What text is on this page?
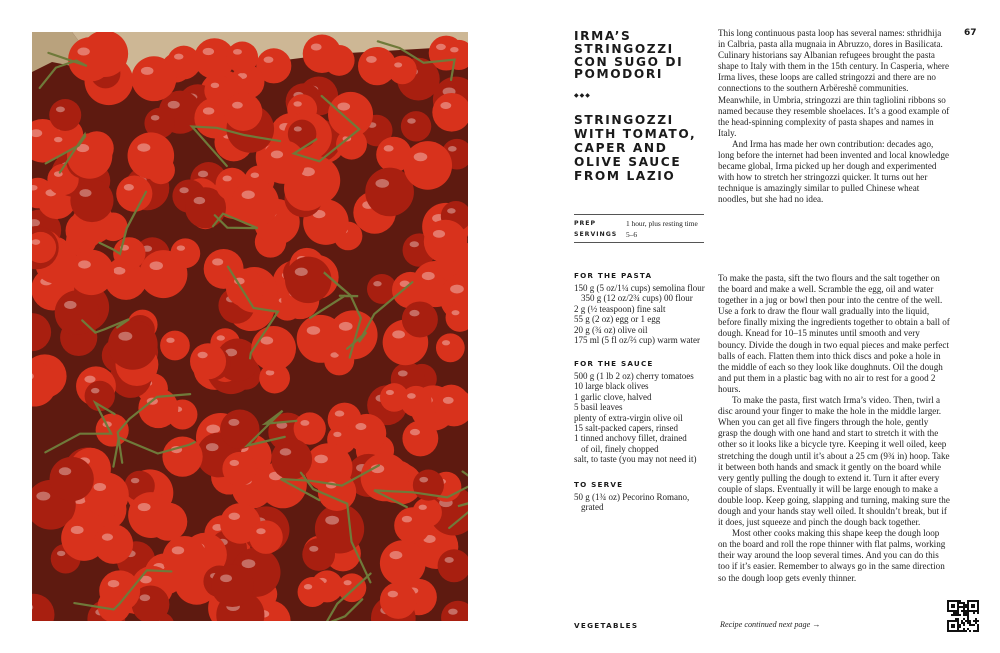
IRMA’S STRINGOZZI CON SUGO DI POMODORI
◆◆◆
STRINGOZZI WITH TOMATO, CAPER AND OLIVE SAUCE FROM LAZIO
PREP	1 hour, plus resting time
SERVINGS	5–6
FOR THE PASTA
150 g (5 oz/1¼ cups) semolina flour
350 g (12 oz/2¾ cups) 00 flour
2 g (½ teaspoon) fine salt
55 g (2 oz) egg or 1 egg
20 g (¾ oz) olive oil
175 ml (5 fl oz/⅔ cup) warm water
FOR THE SAUCE
500 g (1 lb 2 oz) cherry tomatoes
10 large black olives
1 garlic clove, halved
5 basil leaves
plenty of extra-virgin olive oil
15 salt-packed capers, rinsed
1 tinned anchovy fillet, drained
of oil, finely chopped
salt, to taste (you may not need it)
TO SERVE
50 g (1¾ oz) Pecorino Romano,
grated

This long continuous pasta loop has several names: sthridhija in Calbria, pasta alla mugnaia in Abruzzo, dores in Basilicata. Culinary historians say Albanian refugees brought the pasta shape to Italy with them in the 15th century. In Casperia, where Irma lives, these loops are called stringozzi and there are no connections to the southern Arbëreshë communities. Meanwhile, in Umbria, stringozzi are thin tagliolini ribbons so named because they resemble shoelaces. It’s a good example of the head-spinning complexity of pasta shapes and names in Italy.

And Irma has made her own contribution: decades ago, long before the internet had been invented and local knowledge became global, Irma picked up her dough and experimented with how to stretch her stringozzi quicker. It turns out her technique is amazingly similar to pulled Chinese wheat noodles, but she had no idea.

67

To make the pasta, sift the two flours and the salt together on the board and make a well. Scramble the egg, oil and water together in a jug or bowl then pour into the centre of the well. Use a fork to draw the flour wall gradually into the liquid, before finally mixing the ingredients together to obtain a ball of dough. Knead for 10–15 minutes until smooth and very bouncy. Divide the dough in two equal pieces and make perfect balls of each. Flatten them into thick discs and poke a hole in the middle of each so they look like doughnuts. Oil the dough and put them in a plastic bag with no air to rest for a good 2 hours.

To make the pasta, first watch Irma’s video. Then, twirl a disc around your finger to make the hole in the middle larger. When you can get all five fingers through the hole, gently grasp the dough with one hand and start to stretch it with the other so it looks like a bicycle tyre. Keeping it well oiled, keep stretching the dough until it’s about a 25 cm (9¾ in) hoop. Take it between both hands and smack it gently on the board while very gently pulling the dough to extend it. Turn it after every couple of slaps. Eventually it will be large enough to make a double loop. Keep going, slapping and turning, making sure the dough and your hands stay well oiled. It shouldn’t break, but if it does, just squeeze and pinch the dough back together.

Most other cooks making this shape keep the dough loop on the board and roll the rope thinner with flat palms, working their way around the loop several times. And you can do this too if it’s easier. Remember to always go in the same direction so the dough loop gets evenly thinner.

VEGETABLES	Recipe continued next page →
